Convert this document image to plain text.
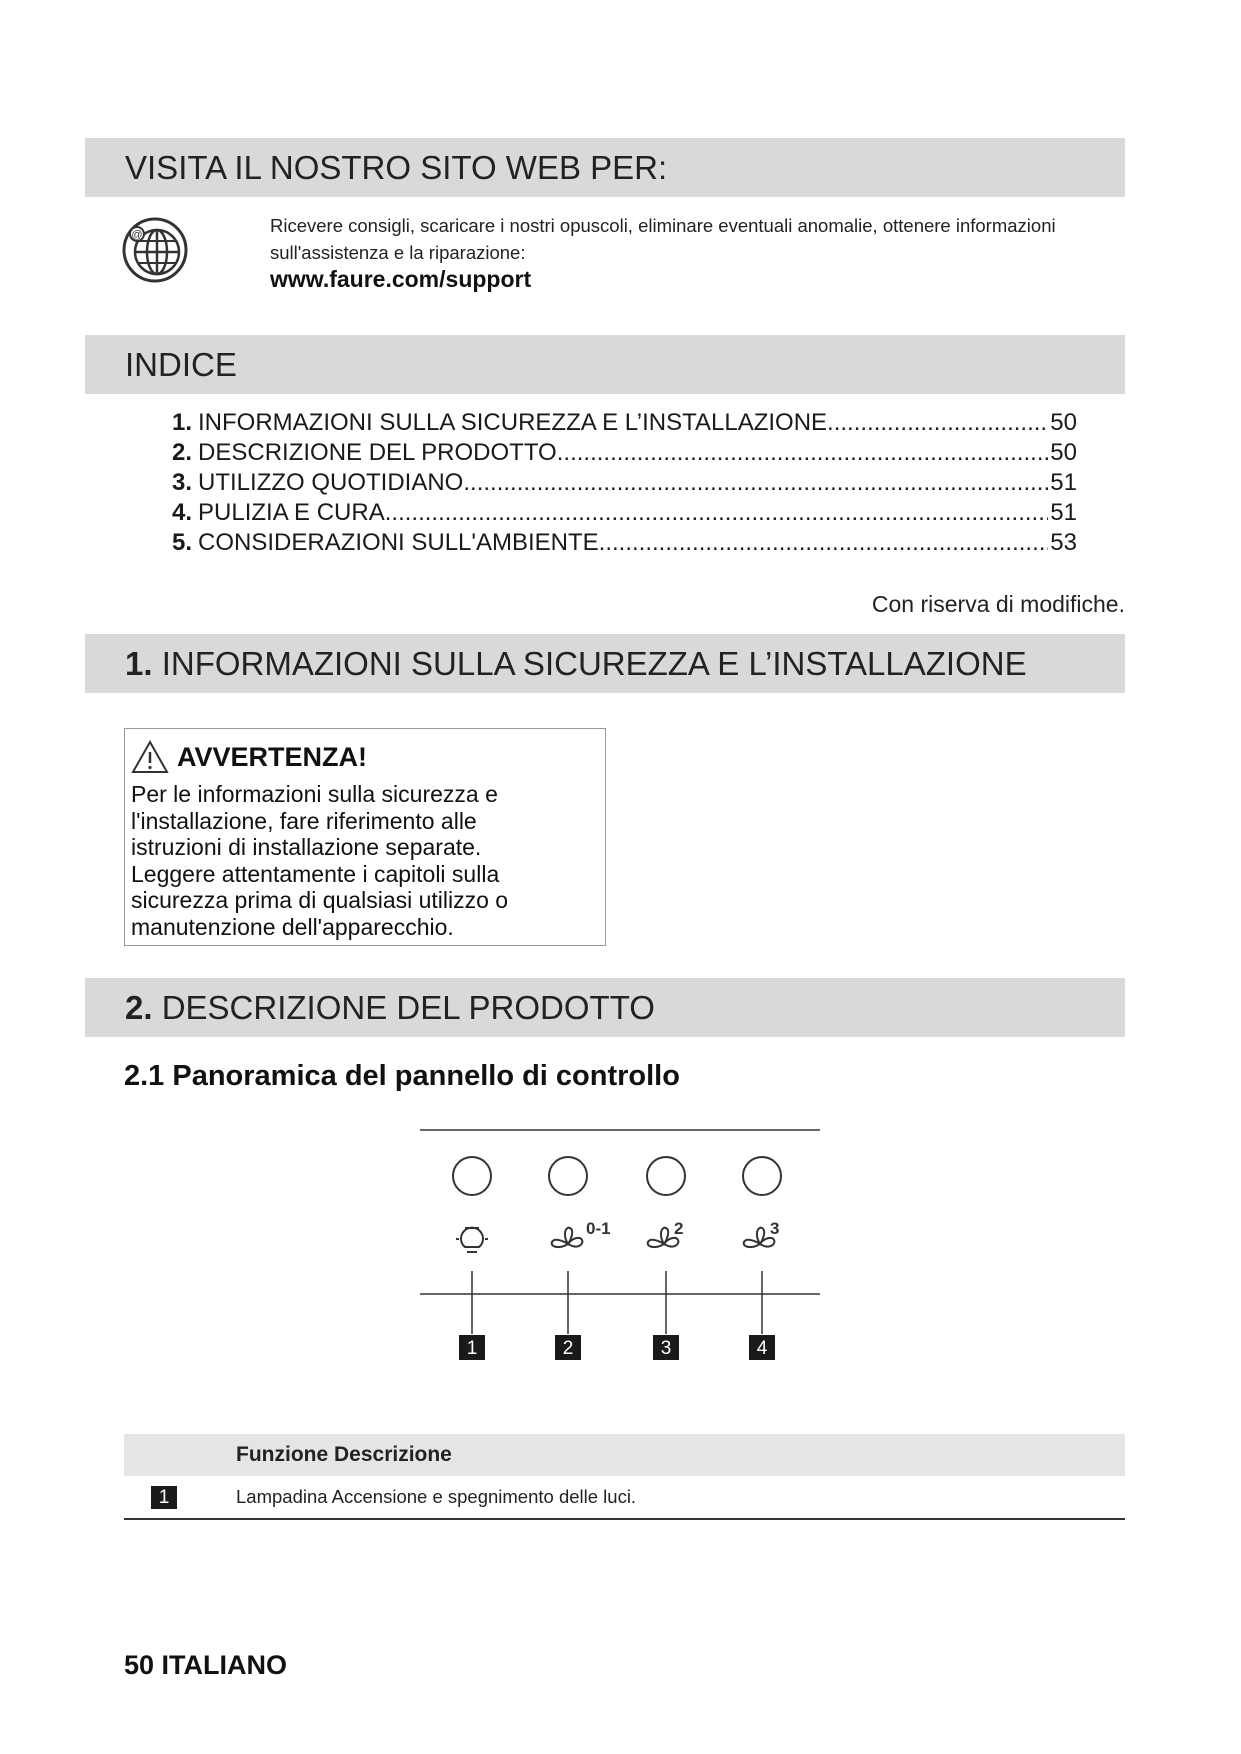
VISITA IL NOSTRO SITO WEB PER:
@	Ricevere consigli, scaricare i nostri opuscoli, eliminare eventuali anomalie, ottenere informazioni sull'assistenza e la riparazione:
www.faure.com/support
INDICE
1. INFORMAZIONI SULLA SICUREZZA E L’INSTALLAZIONE .....	50
2. DESCRIZIONE DEL PRODOTTO .....	50
3. UTILIZZO QUOTIDIANO .....	51
4. PULIZIA E CURA .....	51
5. CONSIDERAZIONI SULL'AMBIENTE .....	53
Con riserva di modifiche.
1. INFORMAZIONI SULLA SICUREZZA E L’INSTALLAZIONE
AVVERTENZA!
Per le informazioni sulla sicurezza e
l'installazione, fare riferimento alle
istruzioni di installazione separate.
Leggere attentamente i capitoli sulla
sicurezza prima di qualsiasi utilizzo o
manutenzione dell'apparecchio.
2. DESCRIZIONE DEL PRODOTTO
2.1 Panoramica del pannello di controllo
1
0-1
2
2
3
3
4
Funzione Descrizione
1	Lampadina Accensione e spegnimento delle luci.
50 ITALIANO
